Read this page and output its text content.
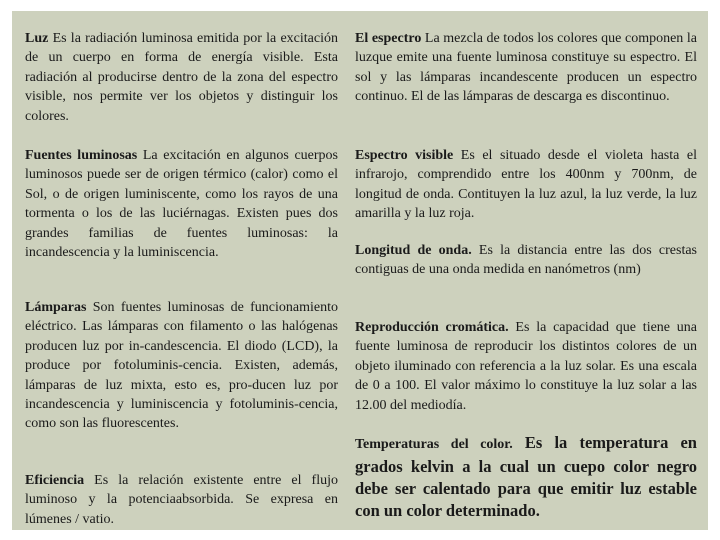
Luz Es la radiación luminosa emitida por la excitación de un cuerpo en forma de energía visible. Esta radiación al producirse dentro de la zona del espectro visible, nos permite ver los objetos y distinguir los colores.

Fuentes luminosas La excitación en algunos cuerpos luminosos puede ser de origen térmico (calor) como el Sol, o de origen luminiscente, como los rayos de una tormenta o los de las luciérnagas. Existen pues dos grandes familias de fuentes luminosas: la incandescencia y la luminiscencia.

Lámparas Son fuentes luminosas de funcionamiento eléctrico. Las lámparas con filamento o las halógenas producen luz por in-candescencia. El diodo (LCD), la produce por fotoluminis-cencia. Existen, además, lámparas de luz mixta, esto es, pro-ducen luz por incandescencia y luminiscencia y fotoluminis-cencia, como son las fluorescentes.

Eficiencia Es la relación existente entre el flujo luminoso y la potenciaabsorbida. Se expresa en lúmenes / vatio.

El espectro La mezcla de todos los colores que componen la luzque emite una fuente luminosa constituye su espectro. El sol y las lámparas incandescente producen un espectro continuo. El de las lámparas de descarga es discontinuo.

Espectro visible Es el situado desde el violeta hasta el infrarojo, comprendido entre los 400nm y 700nm, de longitud de onda. Contituyen la luz azul, la luz verde, la luz amarilla y la luz roja.

Longitud de onda. Es la distancia entre las dos crestas contiguas de una onda medida en nanómetros (nm)

Reproducción cromática. Es la capacidad que tiene una fuente luminosa de reproducir los distintos colores de un objeto iluminado con referencia a la luz solar. Es una escala de 0 a 100. El valor máximo lo constituye la luz solar a las 12.00 del mediodía.

Temperaturas del color. Es la temperatura en grados kelvin a la cual un cuepo color negro debe ser calentado para que emitir luz estable con un color determinado.
